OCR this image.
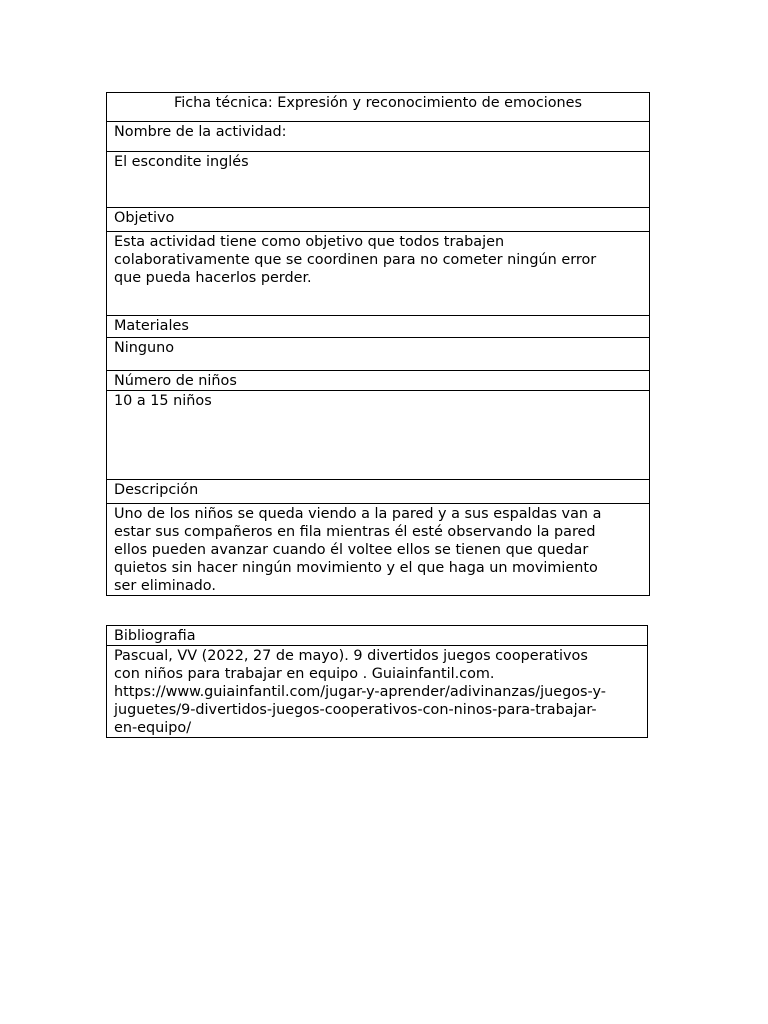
Ficha técnica: Expresión y reconocimiento de emociones
Nombre de la actividad:
El escondite inglés
Objetivo
Esta actividad tiene como objetivo que todos trabajen
colaborativamente que se coordinen para no cometer ningún error
que pueda hacerlos perder.
Materiales
Ninguno
Número de niños
10 a 15 niños
Descripción
Uno de los niños se queda viendo a la pared y a sus espaldas van a
estar sus compañeros en fila mientras él esté observando la pared
ellos pueden avanzar cuando él voltee ellos se tienen que quedar
quietos sin hacer ningún movimiento y el que haga un movimiento
ser eliminado.
Bibliografia
Pascual, VV (2022, 27 de mayo). 9 divertidos juegos cooperativos
con niños para trabajar en equipo . Guiainfantil.com.
https://www.guiainfantil.com/jugar-y-aprender/adivinanzas/juegos-y-
juguetes/9-divertidos-juegos-cooperativos-con-ninos-para-trabajar-
en-equipo/
